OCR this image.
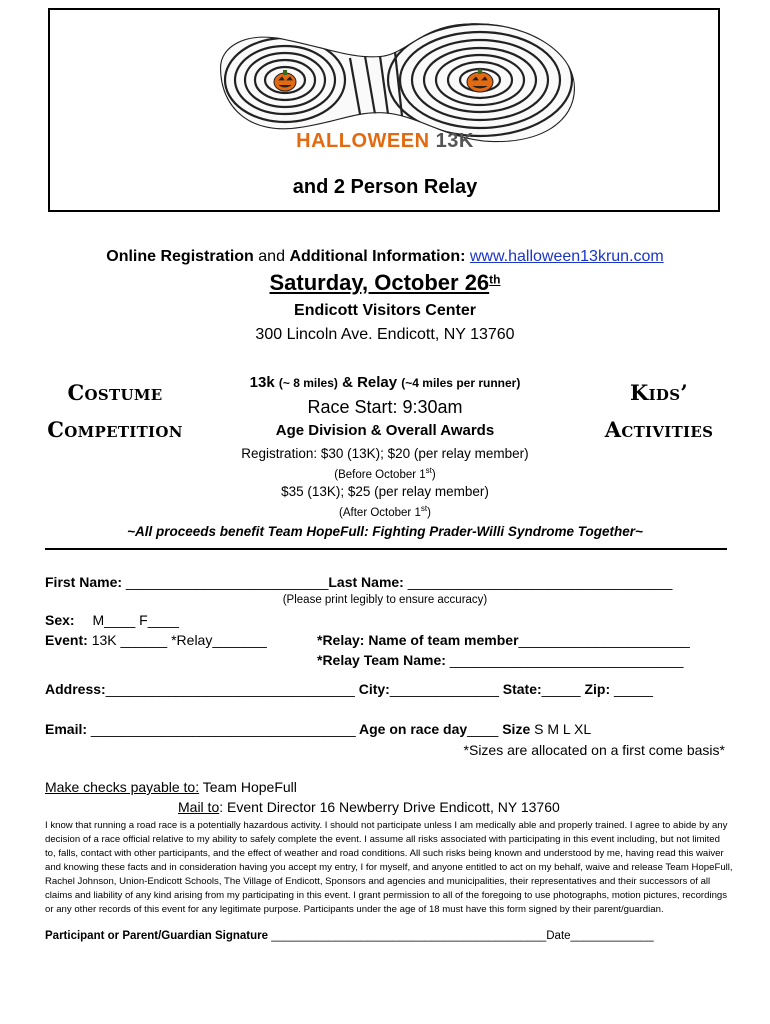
HALLOWEEN 13K
and 2 Person Relay
Online Registration and Additional Information: www.halloween13krun.com
Saturday, October 26th
Endicott Visitors Center
300 Lincoln Ave. Endicott, NY 13760
Costume
Competition
Kids’
Activities
13k (~ 8 miles) & Relay (~4 miles per runner)
Race Start: 9:30am
Age Division & Overall Awards
Registration: $30 (13K); $20 (per relay member)
(Before October 1st)
$35 (13K); $25 (per relay member)
(After October 1st)
~All proceeds benefit Team HopeFull: Fighting Prader-Willi Syndrome Together~
First Name: __________________________Last Name: __________________________________
(Please print legibly to ensure accuracy)
Sex: M____ F____
Event: 13K ______ *Relay_______	*Relay: Name of team member______________________
*Relay Team Name: ______________________________
Address:________________________________ City:______________ State:_____ Zip: _____
Email: __________________________________ Age on race day____ Size S M L XL
*Sizes are allocated on a first come basis*
Make checks payable to: Team HopeFull
Mail to: Event Director 16 Newberry Drive Endicott, NY 13760
I know that running a road race is a potentially hazardous activity. I should not participate unless I am medically able and properly trained. I agree to abide by any decision of a race official relative to my ability to safely complete the event. I assume all risks associated with participating in this event including, but not limited to, falls, contact with other participants, and the effect of weather and road conditions. All such risks being known and understood by me, having read this waiver and knowing these facts and in consideration having you accept my entry, I for myself, and anyone entitled to act on my behalf, waive and release Team HopeFull, Rachel Johnson, Union-Endicott Schools, The Village of Endicott, Sponsors and agencies and municipalities, their representatives and their successors of all claims and liability of any kind arising from my participating in this event. I grant permission to all of the foregoing to use photographs, motion pictures, recordings or any other records of this event for any legitimate purpose. Participants under the age of 18 must have this form signed by their parent/guardian.
Participant or Parent/Guardian Signature ___________________________________________Date_____________
